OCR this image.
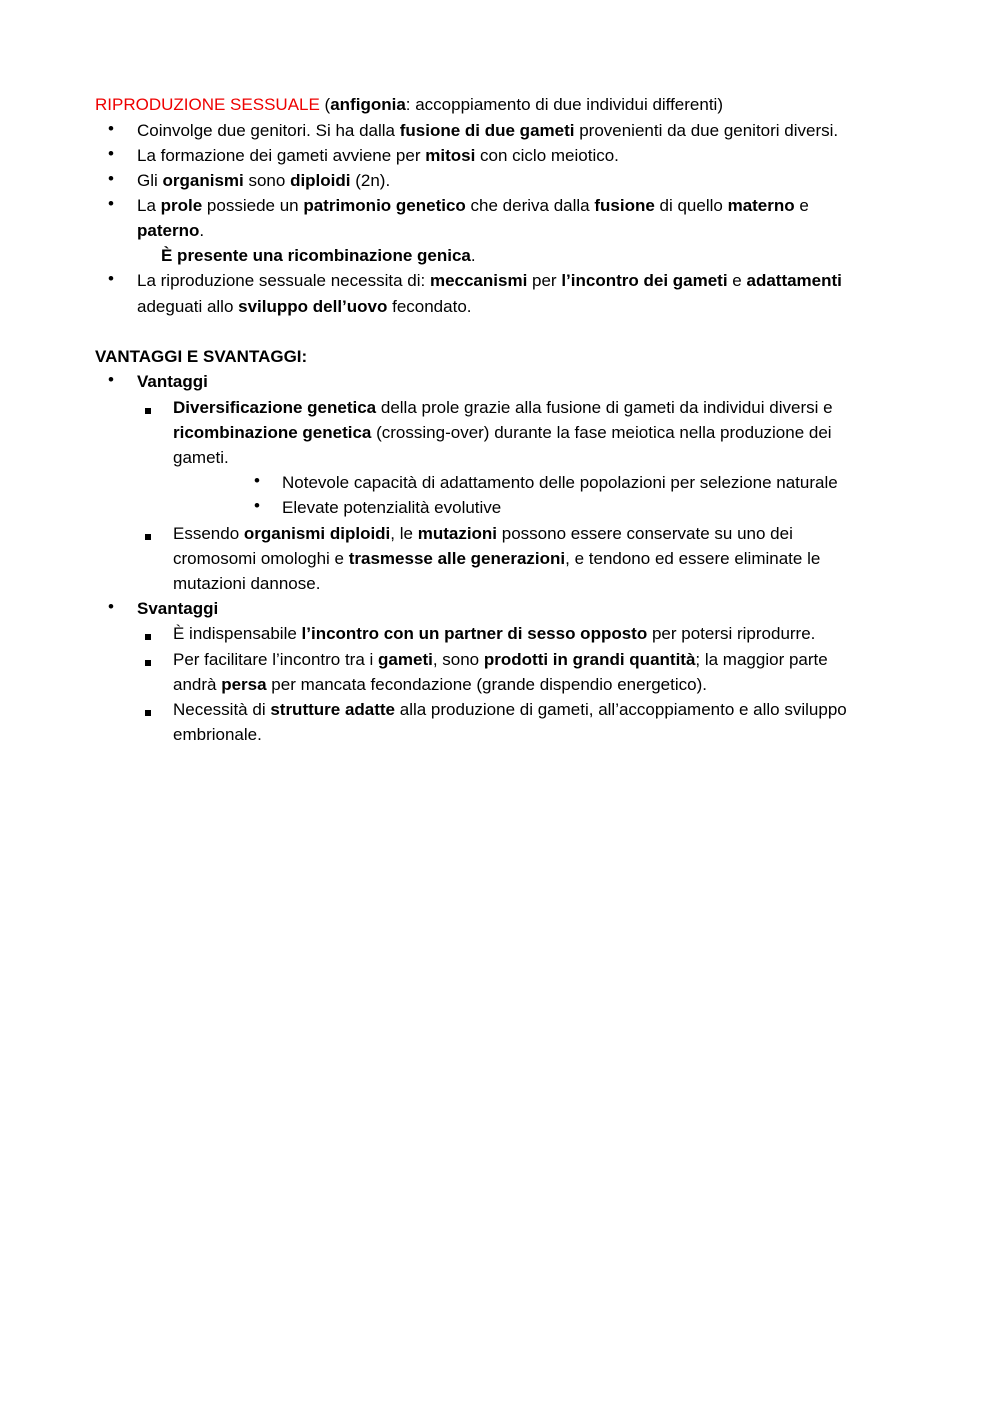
RIPRODUZIONE SESSUALE (anfigonia: accoppiamento di due individui differenti)
• Coinvolge due genitori. Si ha dalla fusione di due gameti provenienti da due genitori diversi.
• La formazione dei gameti avviene per mitosi con ciclo meiotico.
• Gli organismi sono diploidi (2n).
• La prole possiede un patrimonio genetico che deriva dalla fusione di quello materno e
paterno.
È presente una ricombinazione genica.
• La riproduzione sessuale necessita di: meccanismi per l’incontro dei gameti e adattamenti
adeguati allo sviluppo dell’uovo fecondato.
VANTAGGI E SVANTAGGI:
• Vantaggi
Diversificazione genetica della prole grazie alla fusione di gameti da individui diversi e
ricombinazione genetica (crossing-over) durante la fase meiotica nella produzione dei
gameti.
• Notevole capacità di adattamento delle popolazioni per selezione naturale
• Elevate potenzialità evolutive
Essendo organismi diploidi, le mutazioni possono essere conservate su uno dei
cromosomi omologhi e trasmesse alle generazioni, e tendono ed essere eliminate le
mutazioni dannose.
• Svantaggi
È indispensabile l’incontro con un partner di sesso opposto per potersi riprodurre.
Per facilitare l’incontro tra i gameti, sono prodotti in grandi quantità; la maggior parte
andrà persa per mancata fecondazione (grande dispendio energetico).
Necessità di strutture adatte alla produzione di gameti, all’accoppiamento e allo sviluppo
embrionale.
